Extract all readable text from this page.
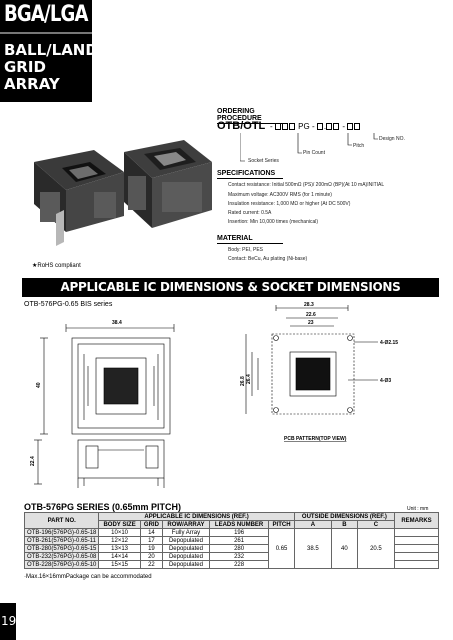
BGA/LGA
BALL/LAND
GRID
ARRAY
★RoHS compliant
ORDERING PROCEDURE
OTB/OTL -	PG - . -
Design NO.
Pitch
Pin Count
Socket Series
SPECIFICATIONS
Contact resistance: Initial 500mΩ (PS)/ 200mΩ (BP)(At 10 mA)INITIAL
Maximum voltage: AC300V RMS (for 1 minute)
Insulation resistance: 1,000 MΩ or higher (At DC 500V)
Rated current: 0.5A
Insertion: Min 10,000 times (mechanical)
MATERIAL
Body: PEI, PES
Contact: BeCu, Au plating (Ni-base)
APPLICABLE IC DIMENSIONS & SOCKET DIMENSIONS
OTB-576PG-0.65 BIS series
38.4
40
22.4
28.3
22.6
23
4-Ø2.15
4-Ø3
26.8 26.4
PCB PATTERN(TOP VIEW)
OTB-576PG SERIES (0.65mm PITCH)	Unit : mm
PART NO.	APPLICABLE IC DIMENSIONS (REF.)					OUTSIDE DIMENSIONS (REF.)			REMARKS
	BODY SIZE	GRID	ROW/ARRAY	LEADS NUMBER	PITCH	A	B	C	
OTB-196(576PG)-0.65-18	10×10	14	Fully Array	196	0.65	38.5	40	20.5	
OTB-261(576PG)-0.65-11	12×12	17	Depopulated	261					
OTB-280(576PG)-0.65-15	13×13	19	Depopulated	280					
OTB-232(576PG)-0.65-08	14×14	20	Depopulated	232					
OTB-228(576PG)-0.65-10	15×15	22	Depopulated	228					
·Max.16×16mmPackage can be accommodated
19
